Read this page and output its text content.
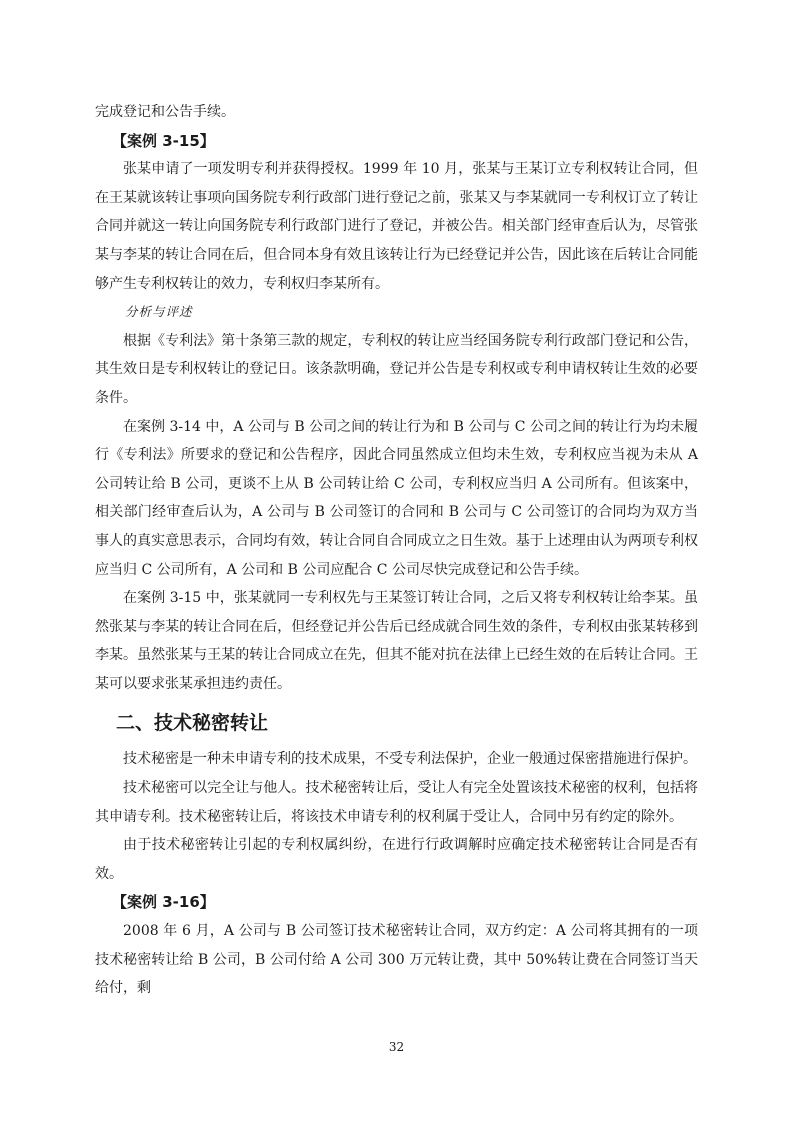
完成登记和公告手续。

【案例 3-15】

张某申请了一项发明专利并获得授权。1999 年 10 月，张某与王某订立专利权转让合同，但在王某就该转让事项向国务院专利行政部门进行登记之前，张某又与李某就同一专利权订立了转让合同并就这一转让向国务院专利行政部门进行了登记，并被公告。相关部门经审查后认为，尽管张某与李某的转让合同在后，但合同本身有效且该转让行为已经登记并公告，因此该在后转让合同能够产生专利权转让的效力，专利权归李某所有。

分析与评述

根据《专利法》第十条第三款的规定，专利权的转让应当经国务院专利行政部门登记和公告，其生效日是专利权转让的登记日。该条款明确，登记并公告是专利权或专利申请权转让生效的必要条件。

在案例 3-14 中，A 公司与 B 公司之间的转让行为和 B 公司与 C 公司之间的转让行为均未履行《专利法》所要求的登记和公告程序，因此合同虽然成立但均未生效，专利权应当视为未从 A 公司转让给 B 公司，更谈不上从 B 公司转让给 C 公司，专利权应当归 A 公司所有。但该案中，相关部门经审查后认为，A 公司与 B 公司签订的合同和 B 公司与 C 公司签订的合同均为双方当事人的真实意思表示，合同均有效，转让合同自合同成立之日生效。基于上述理由认为两项专利权应当归 C 公司所有，A 公司和 B 公司应配合 C 公司尽快完成登记和公告手续。

在案例 3-15 中，张某就同一专利权先与王某签订转让合同，之后又将专利权转让给李某。虽然张某与李某的转让合同在后，但经登记并公告后已经成就合同生效的条件，专利权由张某转移到李某。虽然张某与王某的转让合同成立在先，但其不能对抗在法律上已经生效的在后转让合同。王某可以要求张某承担违约责任。

二、技术秘密转让

技术秘密是一种未申请专利的技术成果，不受专利法保护，企业一般通过保密措施进行保护。

技术秘密可以完全让与他人。技术秘密转让后，受让人有完全处置该技术秘密的权利，包括将其申请专利。技术秘密转让后，将该技术申请专利的权利属于受让人，合同中另有约定的除外。

由于技术秘密转让引起的专利权属纠纷，在进行行政调解时应确定技术秘密转让合同是否有效。

【案例 3-16】

2008 年 6 月，A 公司与 B 公司签订技术秘密转让合同，双方约定：A 公司将其拥有的一项技术秘密转让给 B 公司，B 公司付给 A 公司 300 万元转让费，其中 50%转让费在合同签订当天给付，剩

32
